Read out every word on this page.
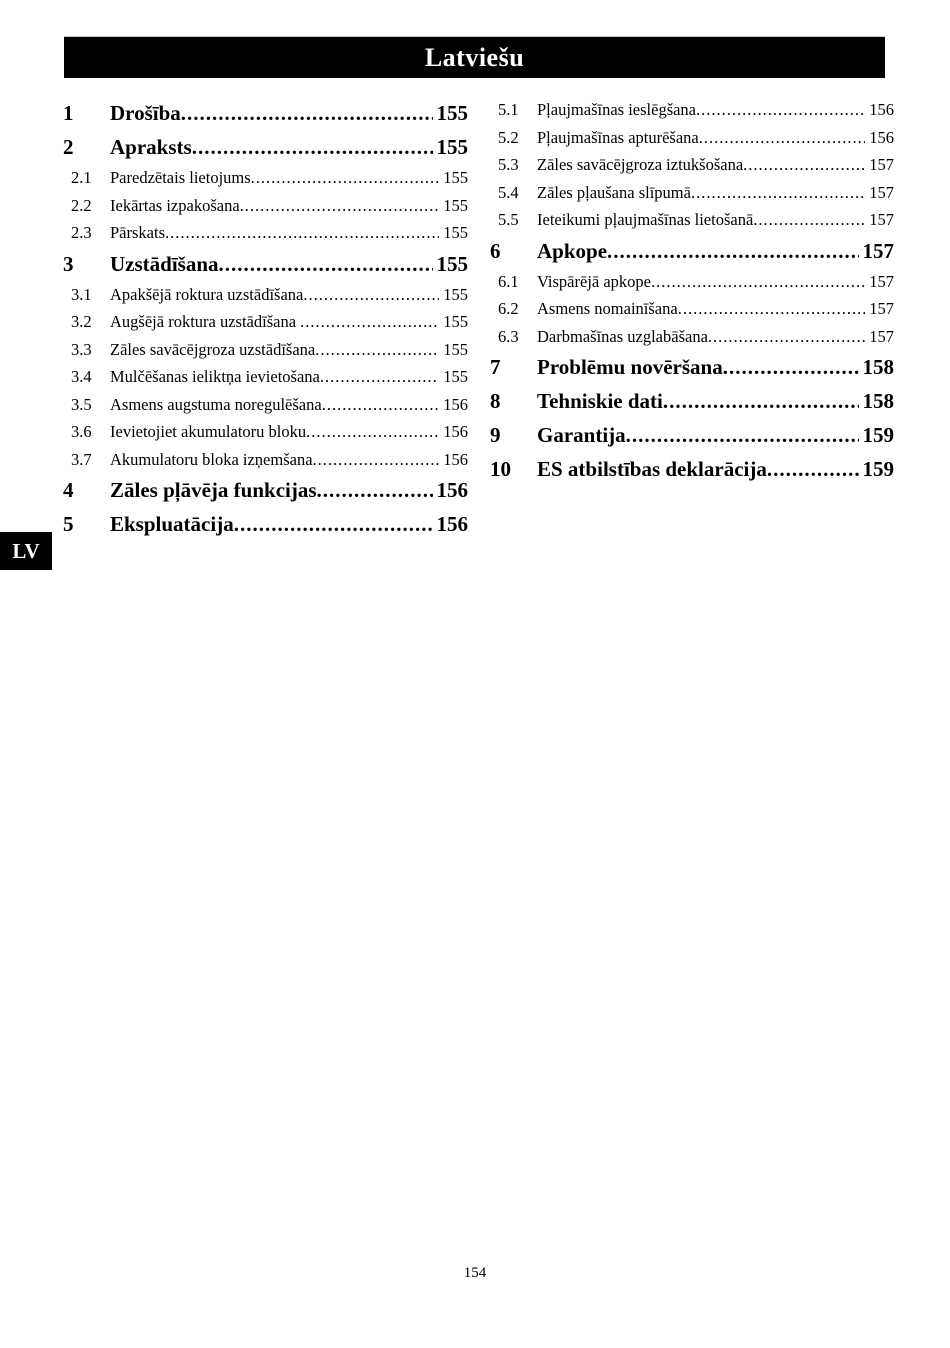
Latviešu
1	Drošība .....	155
2	Apraksts .....	155
2.1	Paredzētais lietojums .....	155
2.2	Iekārtas izpakošana .....	155
2.3	Pārskats .....	155
3	Uzstādīšana .....	155
3.1	Apakšējā roktura uzstādīšana .....	155
3.2	Augšējā roktura uzstādīšana .....	155
3.3	Zāles savācējgroza uzstādīšana .....	155
3.4	Mulčēšanas ieliktņa ievietošana .....	155
3.5	Asmens augstuma noregulēšana .....	156
3.6	Ievietojiet akumulatoru bloku .....	156
3.7	Akumulatoru bloka izņemšana .....	156
4	Zāles pļāvēja funkcijas .....	156
5	Ekspluatācija .....	156
5.1	Pļaujmašīnas ieslēgšana .....	156
5.2	Pļaujmašīnas apturēšana .....	156
5.3	Zāles savācējgroza iztukšošana .....	157
5.4	Zāles pļaušana slīpumā .....	157
5.5	Ieteikumi pļaujmašīnas lietošanā .....	157
6	Apkope .....	157
6.1	Vispārējā apkope .....	157
6.2	Asmens nomainīšana .....	157
6.3	Darbmašīnas uzglabāšana .....	157
7	Problēmu novēršana .....	158
8	Tehniskie dati .....	158
9	Garantija .....	159
10	ES atbilstības deklarācija .....	159
LV
154
